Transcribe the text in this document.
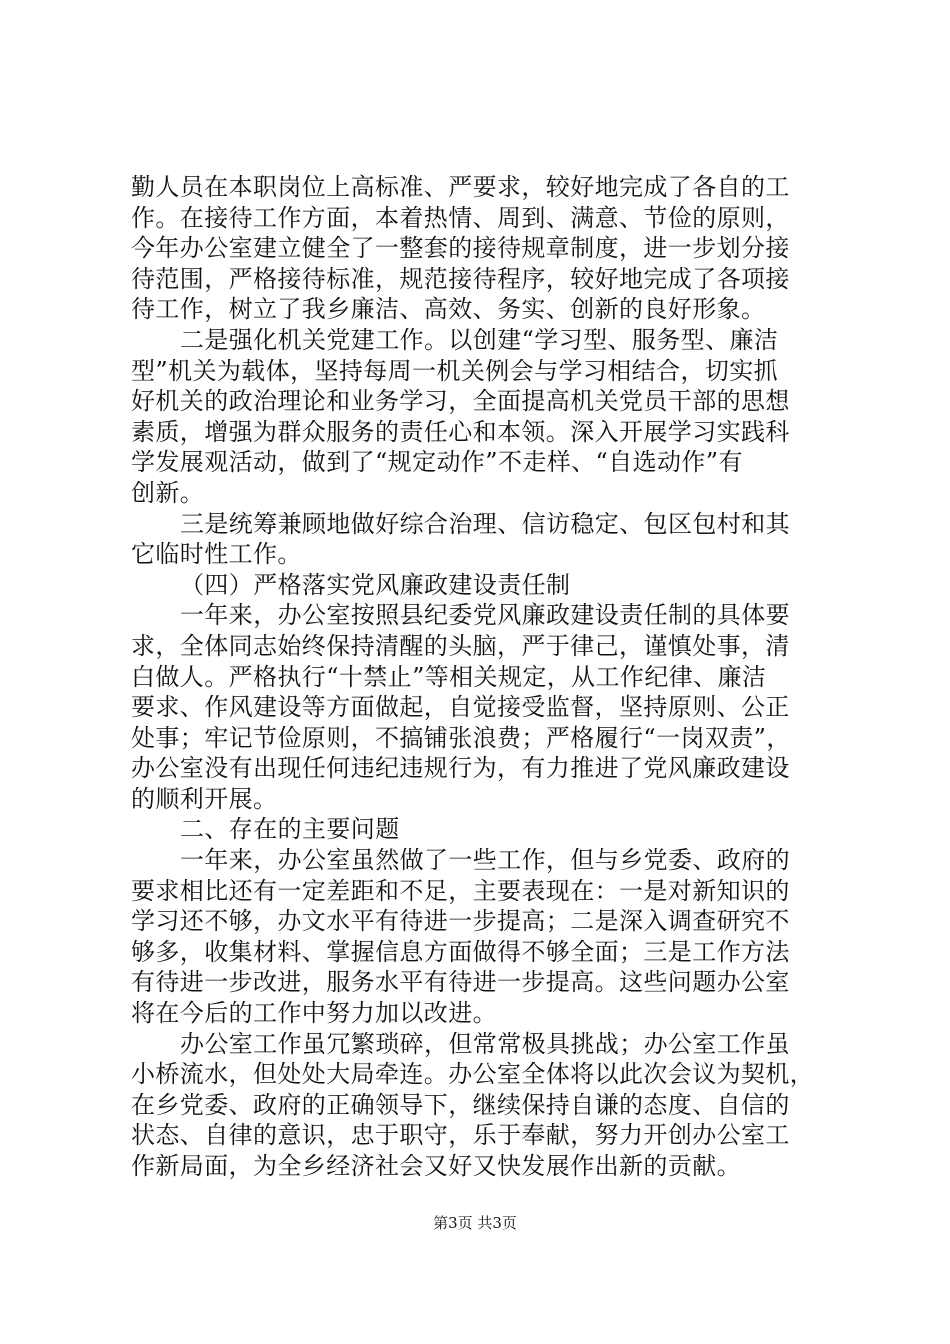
勤人员在本职岗位上高标准、严要求，较好地完成了各自的工
作。在接待工作方面，本着热情、周到、满意、节俭的原则，
今年办公室建立健全了一整套的接待规章制度，进一步划分接
待范围，严格接待标准，规范接待程序，较好地完成了各项接
待工作，树立了我乡廉洁、高效、务实、创新的良好形象。
二是强化机关党建工作。以创建“学习型、服务型、廉洁
型”机关为载体，坚持每周一机关例会与学习相结合，切实抓
好机关的政治理论和业务学习，全面提高机关党员干部的思想
素质，增强为群众服务的责任心和本领。深入开展学习实践科
学发展观活动，做到了“规定动作”不走样、“自选动作”有
创新。
三是统筹兼顾地做好综合治理、信访稳定、包区包村和其
它临时性工作。
（四）严格落实党风廉政建设责任制
一年来，办公室按照县纪委党风廉政建设责任制的具体要
求，全体同志始终保持清醒的头脑，严于律己，谨慎处事，清
白做人。严格执行“十禁止”等相关规定，从工作纪律、廉洁
要求、作风建设等方面做起，自觉接受监督，坚持原则、公正
处事；牢记节俭原则，不搞铺张浪费；严格履行“一岗双责”，
办公室没有出现任何违纪违规行为，有力推进了党风廉政建设
的顺利开展。
二、存在的主要问题
一年来，办公室虽然做了一些工作，但与乡党委、政府的
要求相比还有一定差距和不足，主要表现在：一是对新知识的
学习还不够，办文水平有待进一步提高；二是深入调查研究不
够多，收集材料、掌握信息方面做得不够全面；三是工作方法
有待进一步改进，服务水平有待进一步提高。这些问题办公室
将在今后的工作中努力加以改进。
办公室工作虽冗繁琐碎，但常常极具挑战；办公室工作虽
小桥流水，但处处大局牵连。办公室全体将以此次会议为契机，
在乡党委、政府的正确领导下，继续保持自谦的态度、自信的
状态、自律的意识，忠于职守，乐于奉献，努力开创办公室工
作新局面，为全乡经济社会又好又快发展作出新的贡献。
第3页 共3页
